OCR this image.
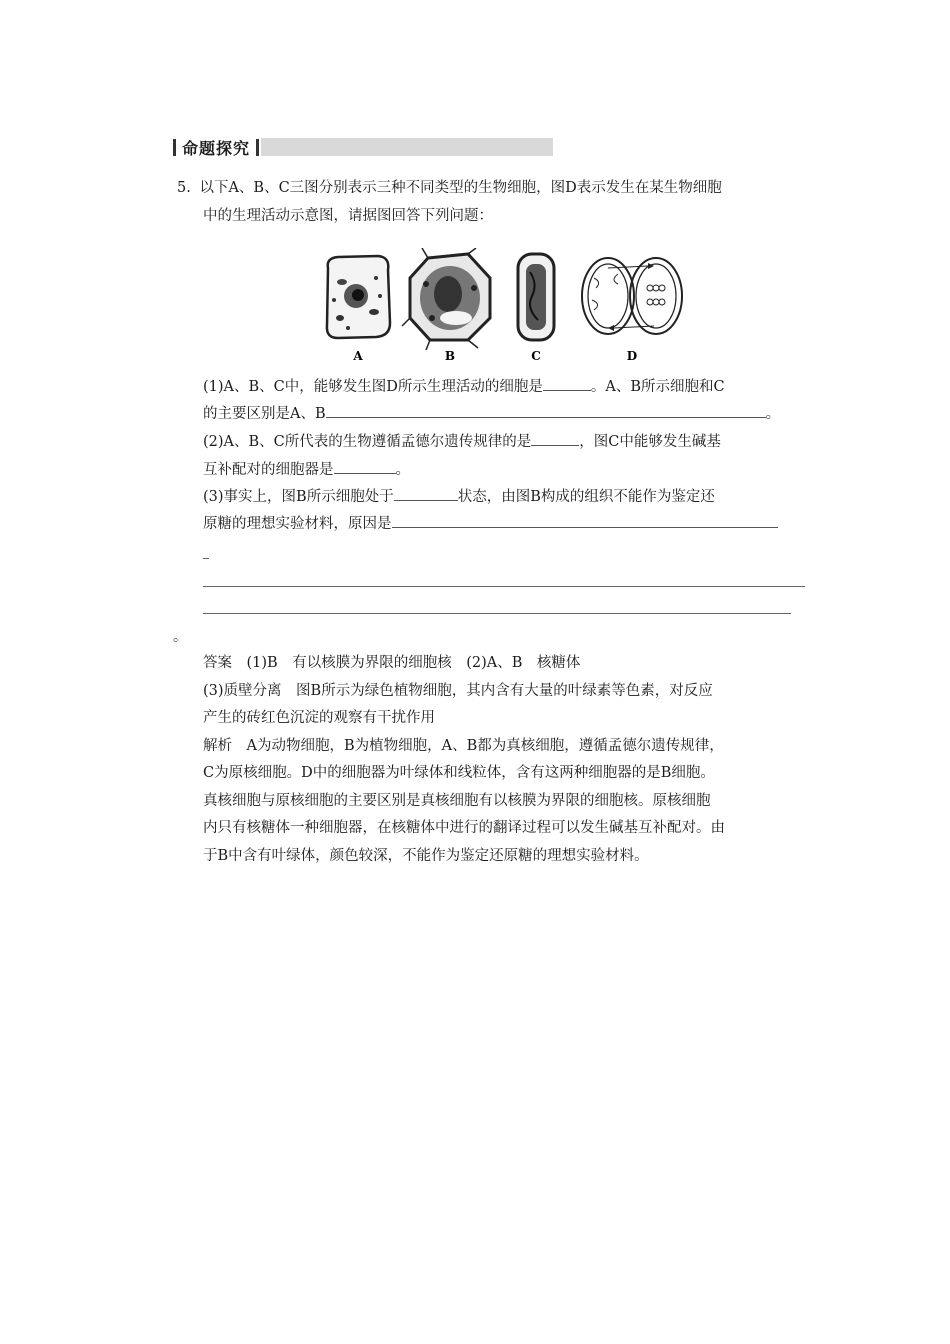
命题探究
5. 以下A、B、C三图分别表示三种不同类型的生物细胞，图D表示发生在某生物细胞
中的生理活动示意图，请据图回答下列问题：
A	B	C	D
(1)A、B、C中，能够发生图D所示生理活动的细胞是	。A、B所示细胞和C
的主要区别是A、B	。
(2)A、B、C所代表的生物遵循孟德尔遗传规律的是	，图C中能够发生碱基
互补配对的细胞器是	。
(3)事实上，图B所示细胞处于	状态，由图B构成的组织不能作为鉴定还
原糖的理想实验材料，原因是
。
答案　(1)B　有以核膜为界限的细胞核　(2)A、B　核糖体
(3)质壁分离　图B所示为绿色植物细胞，其内含有大量的叶绿素等色素，对反应
产生的砖红色沉淀的观察有干扰作用
解析　A为动物细胞，B为植物细胞，A、B都为真核细胞，遵循孟德尔遗传规律，
C为原核细胞。D中的细胞器为叶绿体和线粒体，含有这两种细胞器的是B细胞。
真核细胞与原核细胞的主要区别是真核细胞有以核膜为界限的细胞核。原核细胞
内只有核糖体一种细胞器，在核糖体中进行的翻译过程可以发生碱基互补配对。由
于B中含有叶绿体，颜色较深，不能作为鉴定还原糖的理想实验材料。
